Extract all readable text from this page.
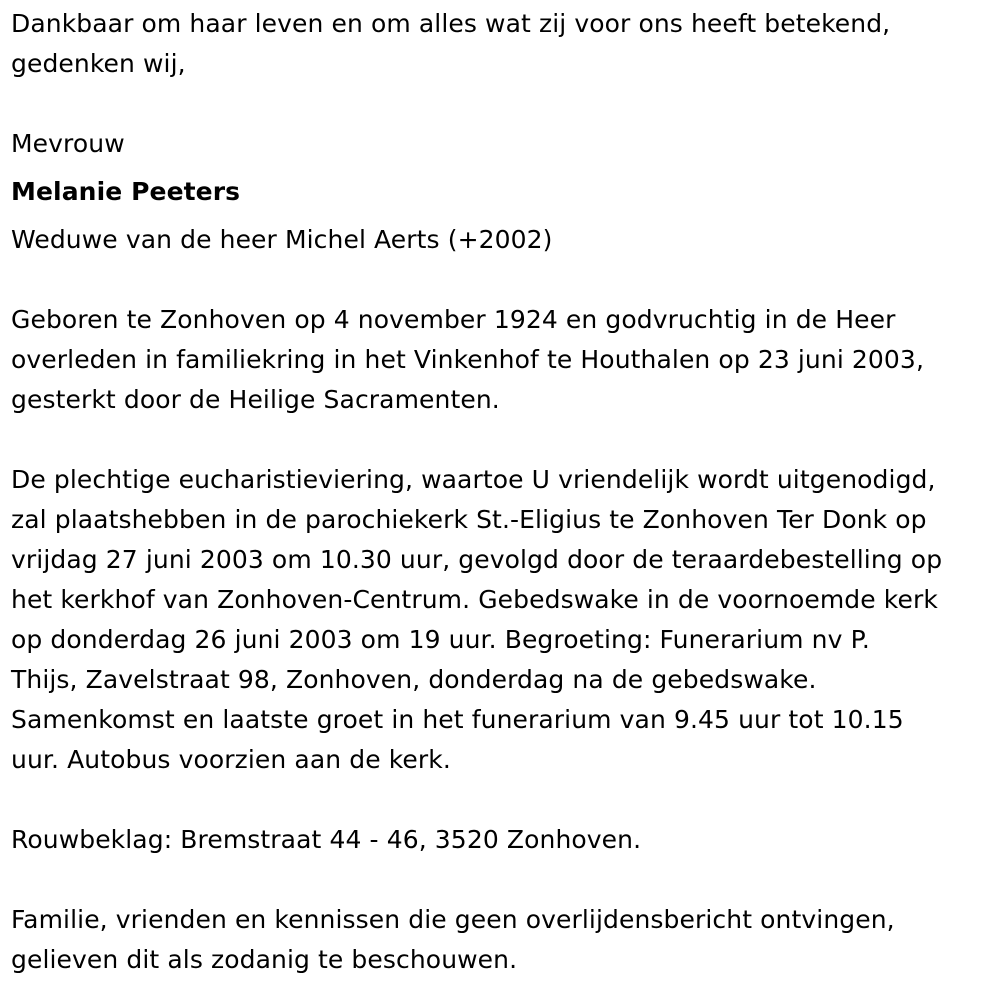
Dankbaar om haar leven en om alles wat zij voor ons heeft betekend,
gedenken wij,
Mevrouw
Melanie Peeters
Weduwe van de heer Michel Aerts (+2002)
Geboren te Zonhoven op 4 november 1924 en godvruchtig in de Heer
overleden in familiekring in het Vinkenhof te Houthalen op 23 juni 2003,
gesterkt door de Heilige Sacramenten.
De plechtige eucharistieviering, waartoe U vriendelijk wordt uitgenodigd,
zal plaatshebben in de parochiekerk St.-Eligius te Zonhoven Ter Donk op
vrijdag 27 juni 2003 om 10.30 uur, gevolgd door de teraardebestelling op
het kerkhof van Zonhoven-Centrum. Gebedswake in de voornoemde kerk
op donderdag 26 juni 2003 om 19 uur. Begroeting: Funerarium nv P.
Thijs, Zavelstraat 98, Zonhoven, donderdag na de gebedswake.
Samenkomst en laatste groet in het funerarium van 9.45 uur tot 10.15
uur. Autobus voorzien aan de kerk.
Rouwbeklag: Bremstraat 44 - 46, 3520 Zonhoven.
Familie, vrienden en kennissen die geen overlijdensbericht ontvingen,
gelieven dit als zodanig te beschouwen.
